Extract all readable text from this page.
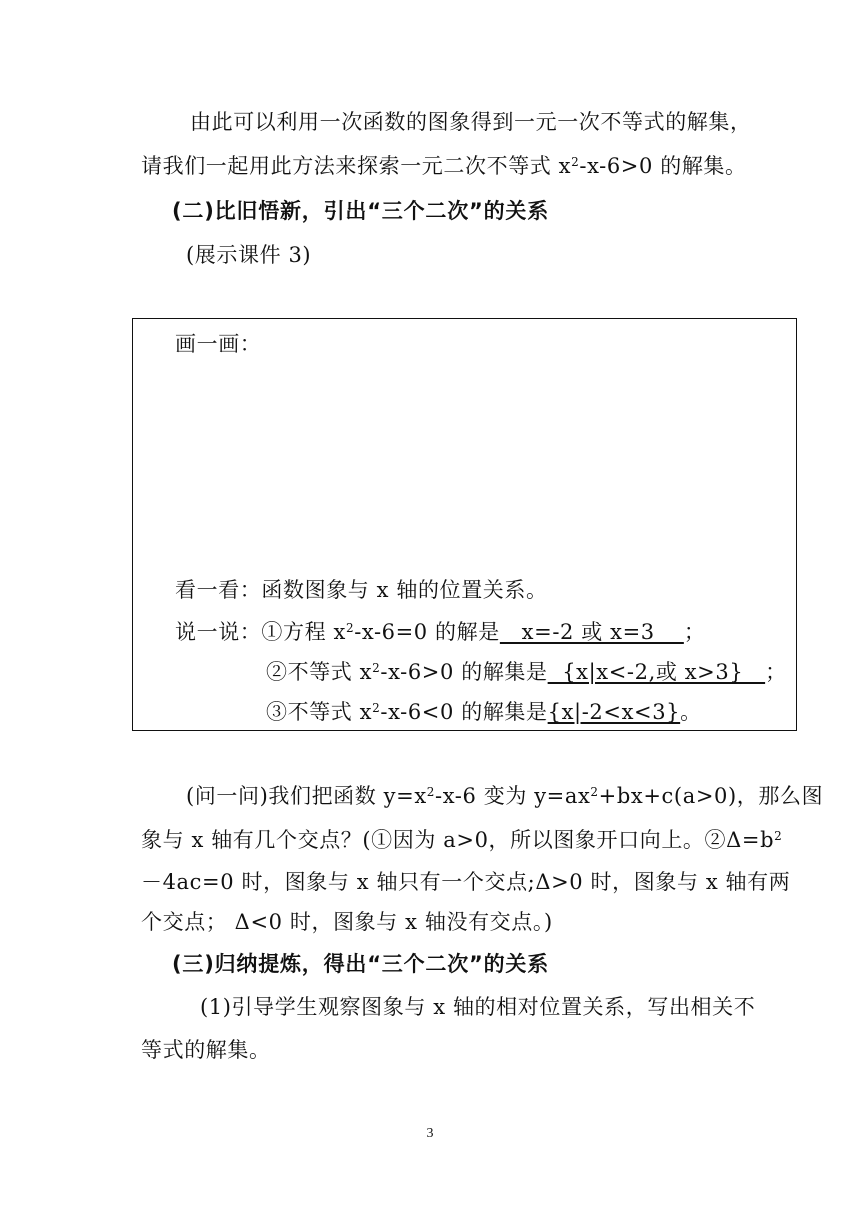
由此可以利用一次函数的图象得到一元一次不等式的解集，
请我们一起用此方法来探索一元二次不等式 $x^2-x-6>0$ 的解集。
(二)比旧悟新，引出“三个二次”的关系
(展示课件 3)
画一画：
看一看：函数图象与 x 轴的位置关系。
说一说：①方程 $x^2-x-6=0$ 的解是   x=-2 或 x=3    ；
②不等式 $x^2-x-6>0$ 的解集是  {x|x<-2,或 x>3}   ；
③不等式 $x^2-x-6<0$ 的解集是{x|-2<x<3}。
(问一问)我们把函数 $y=x^2-x-6$ 变为 $y=ax^2+bx+c(a>0)$，那么图
象与 x 轴有几个交点？(①因为 a>0，所以图象开口向上。$②\Delta=b^2$
－4ac=0 时，图象与 x 轴只有一个交点;Δ>0 时，图象与 x 轴有两
个交点； Δ<0 时，图象与 x 轴没有交点。)
(三)归纳提炼，得出“三个二次”的关系
(1)引导学生观察图象与 x 轴的相对位置关系，写出相关不
等式的解集。
3
